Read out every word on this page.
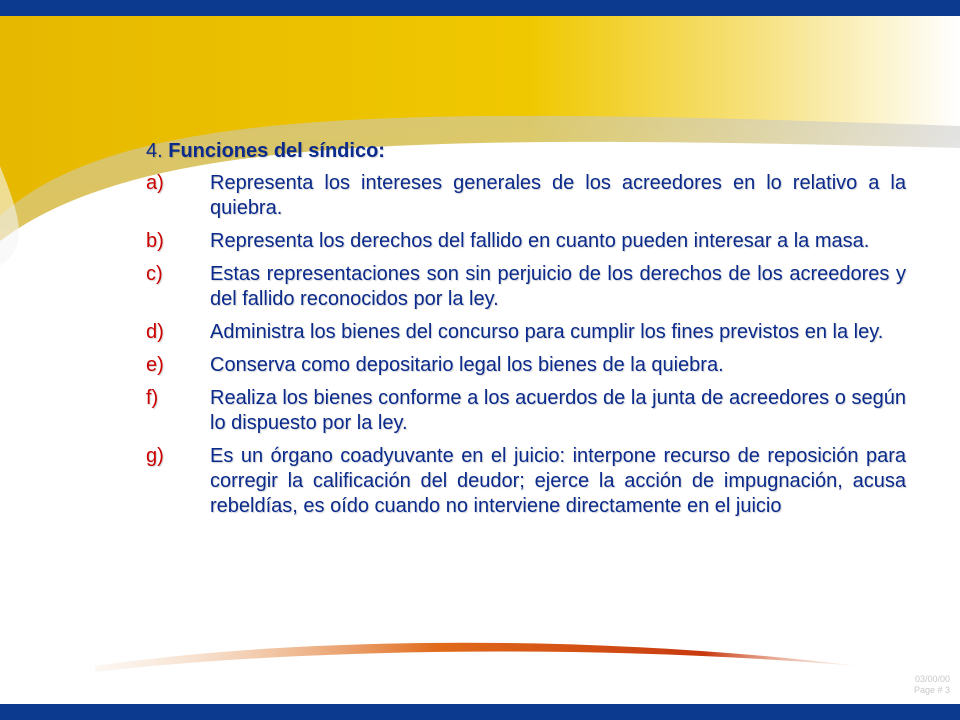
4. Funciones del síndico:
a)	Representa los intereses generales de los acreedores en lo relativo a la quiebra.
b)	Representa los derechos del fallido en cuanto pueden interesar a la masa.
c)	Estas representaciones son sin perjuicio de los derechos de los acreedores y del fallido reconocidos por la ley.
d)	Administra los bienes del concurso para cumplir los fines previstos en la ley.
e)	Conserva como depositario legal los bienes de la quiebra.
f)	Realiza los bienes conforme a los acuerdos de la junta de acreedores o según lo dispuesto por la ley.
g)	Es un órgano coadyuvante en el juicio: interpone recurso de reposición para corregir la calificación del deudor; ejerce la acción de impugnación, acusa rebeldías, es oído cuando no interviene directamente en el juicio
03/00/00
Page # 3
